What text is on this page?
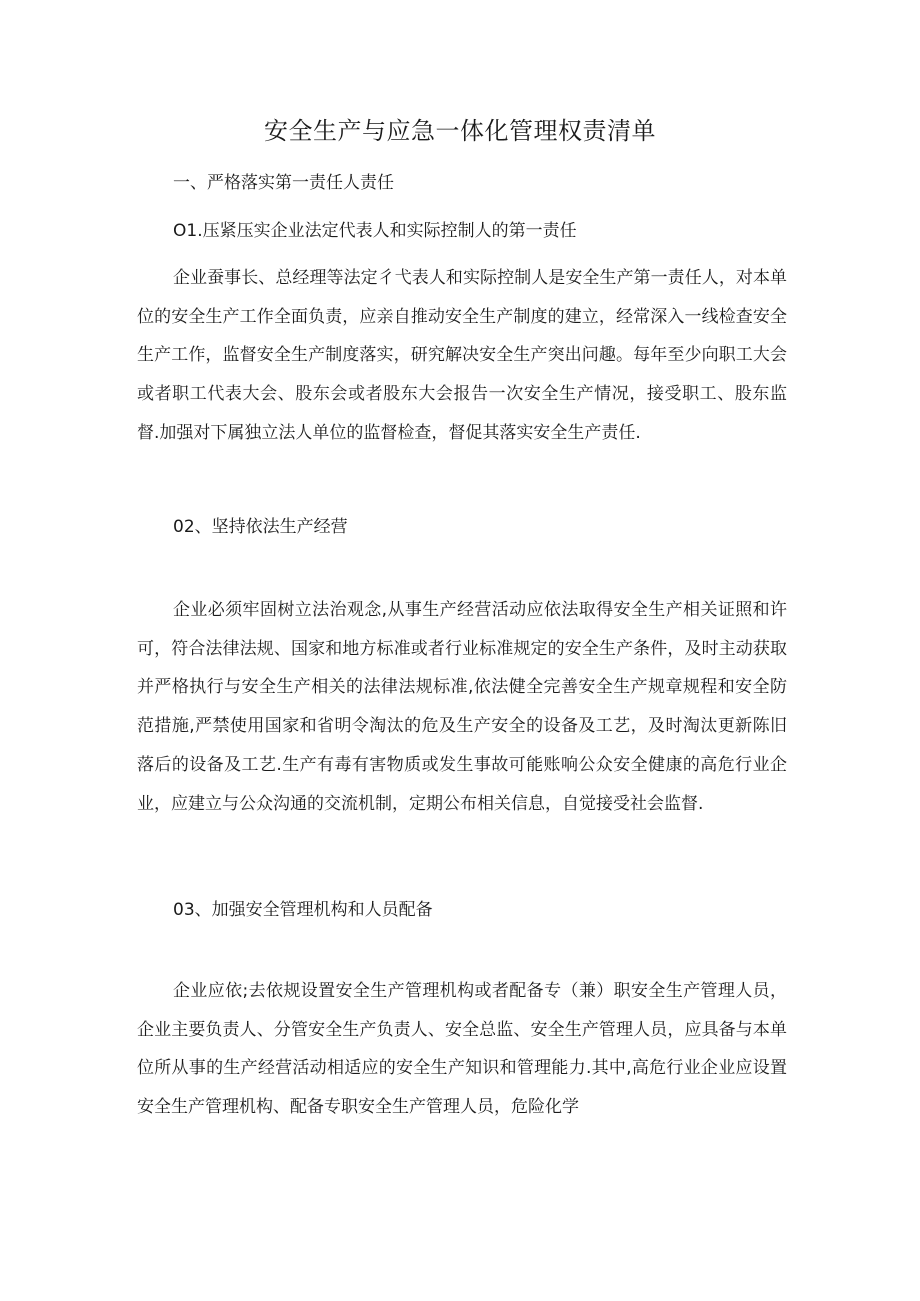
安全生产与应急一体化管理权责清单

一、严格落实第一责任人责任

O1.压紧压实企业法定代表人和实际控制人的第一责任

企业蚕事长、总经理等法定彳弋表人和实际控制人是安全生产第一责任人，对本单位的安全生产工作全面负责，应亲自推动安全生产制度的建立，经常深入一线检查安全生产工作，监督安全生产制度落实，研究解决安全生产突出问趣。每年至少向职工大会或者职工代表大会、股东会或者股东大会报告一次安全生产情况，接受职工、股东监督.加强对下属独立法人单位的监督检查，督促其落实安全生产责任.

02、坚持依法生产经营

企业必须牢固树立法治观念,从事生产经营活动应依法取得安全生产相关证照和许可，符合法律法规、国家和地方标准或者行业标准规定的安全生产条件，及时主动获取并严格执行与安全生产相关的法律法规标准,依法健全完善安全生产规章规程和安全防范措施,严禁使用国家和省明令淘汰的危及生产安全的设备及工艺，及时淘汰更新陈旧落后的设备及工艺.生产有毒有害物质或发生事故可能账响公众安全健康的高危行业企业，应建立与公众沟通的交流机制，定期公布相关信息，自觉接受社会监督.

03、加强安全管理机构和人员配备

企业应依;去依规设置安全生产管理机构或者配备专（兼）职安全生产管理人员，企业主要负责人、分管安全生产负责人、安全总监、安全生产管理人员，应具备与本单位所从事的生产经营活动相适应的安全生产知识和管理能力.其中,高危行业企业应设置安全生产管理机构、配备专职安全生产管理人员，危险化学
